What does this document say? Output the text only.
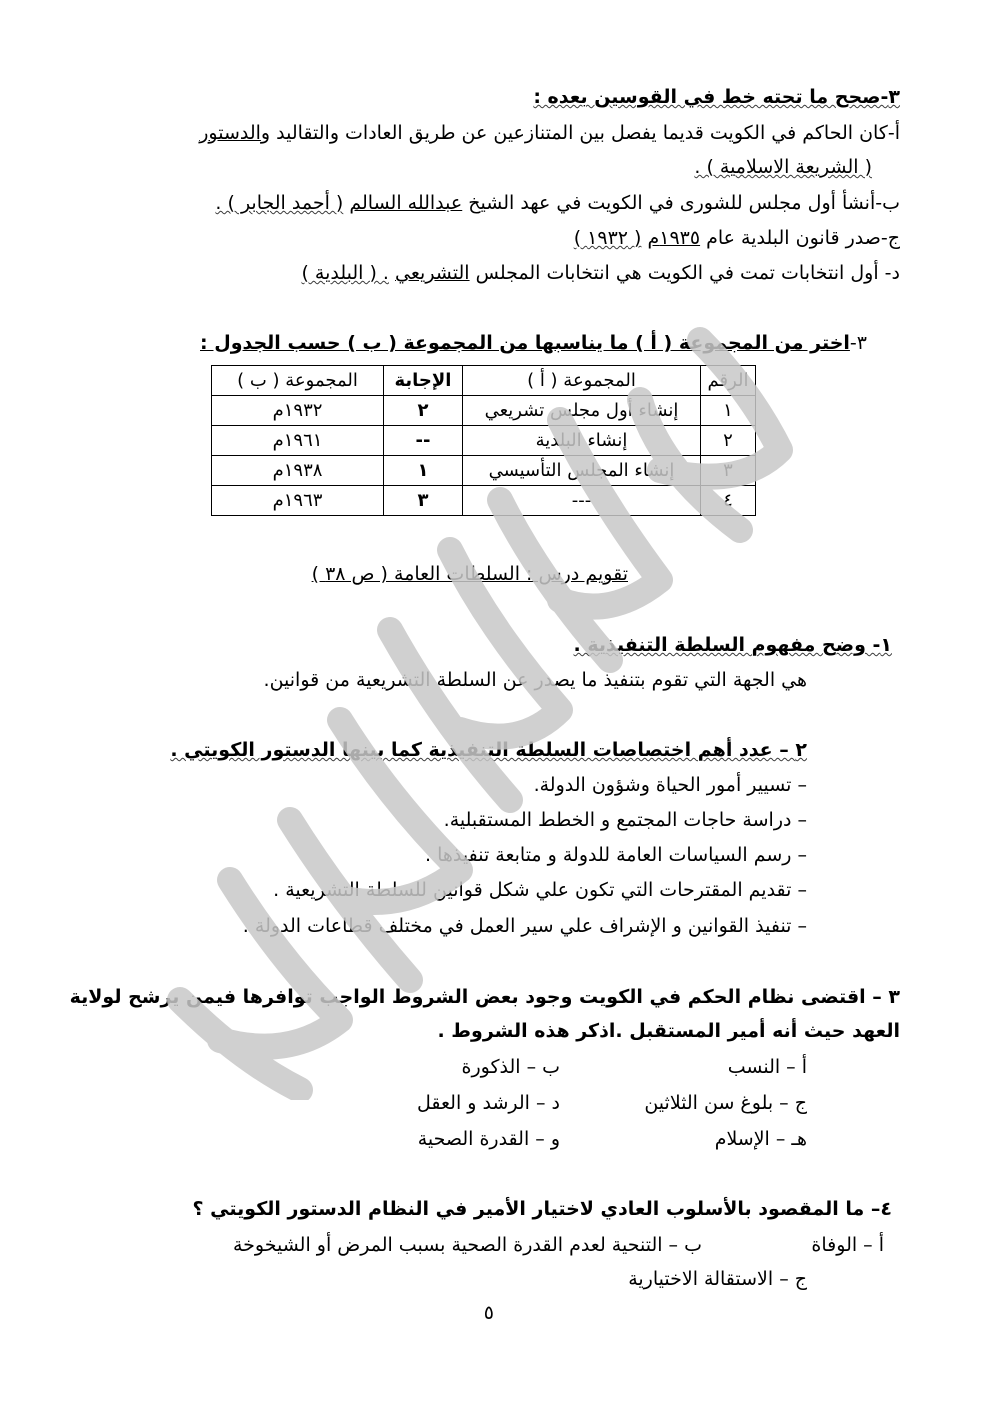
٣-صحح ما تحته خط في القوسين بعده :
أ-كان الحاكم في الكويت قديما يفصل بين المتنازعين عن طريق العادات والتقاليد والدستور
( الشريعة الاسلامية ) .
ب-أنشأ أول مجلس للشورى في الكويت في عهد الشيخ عبدالله السالم ( أحمد الجابر ) .
ج-صدر قانون البلدية عام ١٩٣٥م ( ١٩٣٢ )
د- أول انتخابات تمت في الكويت هي انتخابات المجلس التشريعي . ( البلدية )
٣-اختر من المجموعة ( أ ) ما يناسبها من المجموعة ( ب ) حسب الجدول :
الرقم	المجموعة ( أ )	الإجابة	المجموعة ( ب )
١	إنشاء أول مجلس تشريعي	٢	١٩٣٢م
٢	إنشاء البلدية	--	١٩٦١م
٣	إنشاء المجلس التأسيسي	١	١٩٣٨م
٤	---	٣	١٩٦٣م
تقويم درس : السلطات العامة ( ص ٣٨ )
١- وضح مفهوم السلطة التنفيذية .
هي الجهة التي تقوم بتنفيذ ما يصدر عن السلطة التشريعية من قوانين.
٢ – عدد أهم اختصاصات السلطة التنفيذية كما بينها الدستور الكويتي .
– تسيير أمور الحياة وشؤون الدولة.
– دراسة حاجات المجتمع و الخطط المستقبلية.
– رسم السياسات العامة للدولة و متابعة تنفيذها .
– تقديم المقترحات التي تكون علي شكل قوانين للسلطة التشريعية .
– تنفيذ القوانين و الإشراف علي سير العمل في مختلف قطاعات الدولة .
٣ – اقتضى نظام الحكم في الكويت وجود بعض الشروط الواجب توافرها فيمن يرشح لولاية
العهد حيث أنه أمير المستقبل .اذكر هذه الشروط .
أ – النسب
ب – الذكورة
ج – بلوغ سن الثلاثين
د – الرشد و العقل
هـ – الإسلام
و – القدرة الصحية
٤– ما المقصود بالأسلوب العادي لاختيار الأمير في النظام الدستور الكويتي ؟
أ – الوفاة
ب – التنحية لعدم القدرة الصحية بسبب المرض أو الشيخوخة
ج – الاستقالة الاختيارية
٥
